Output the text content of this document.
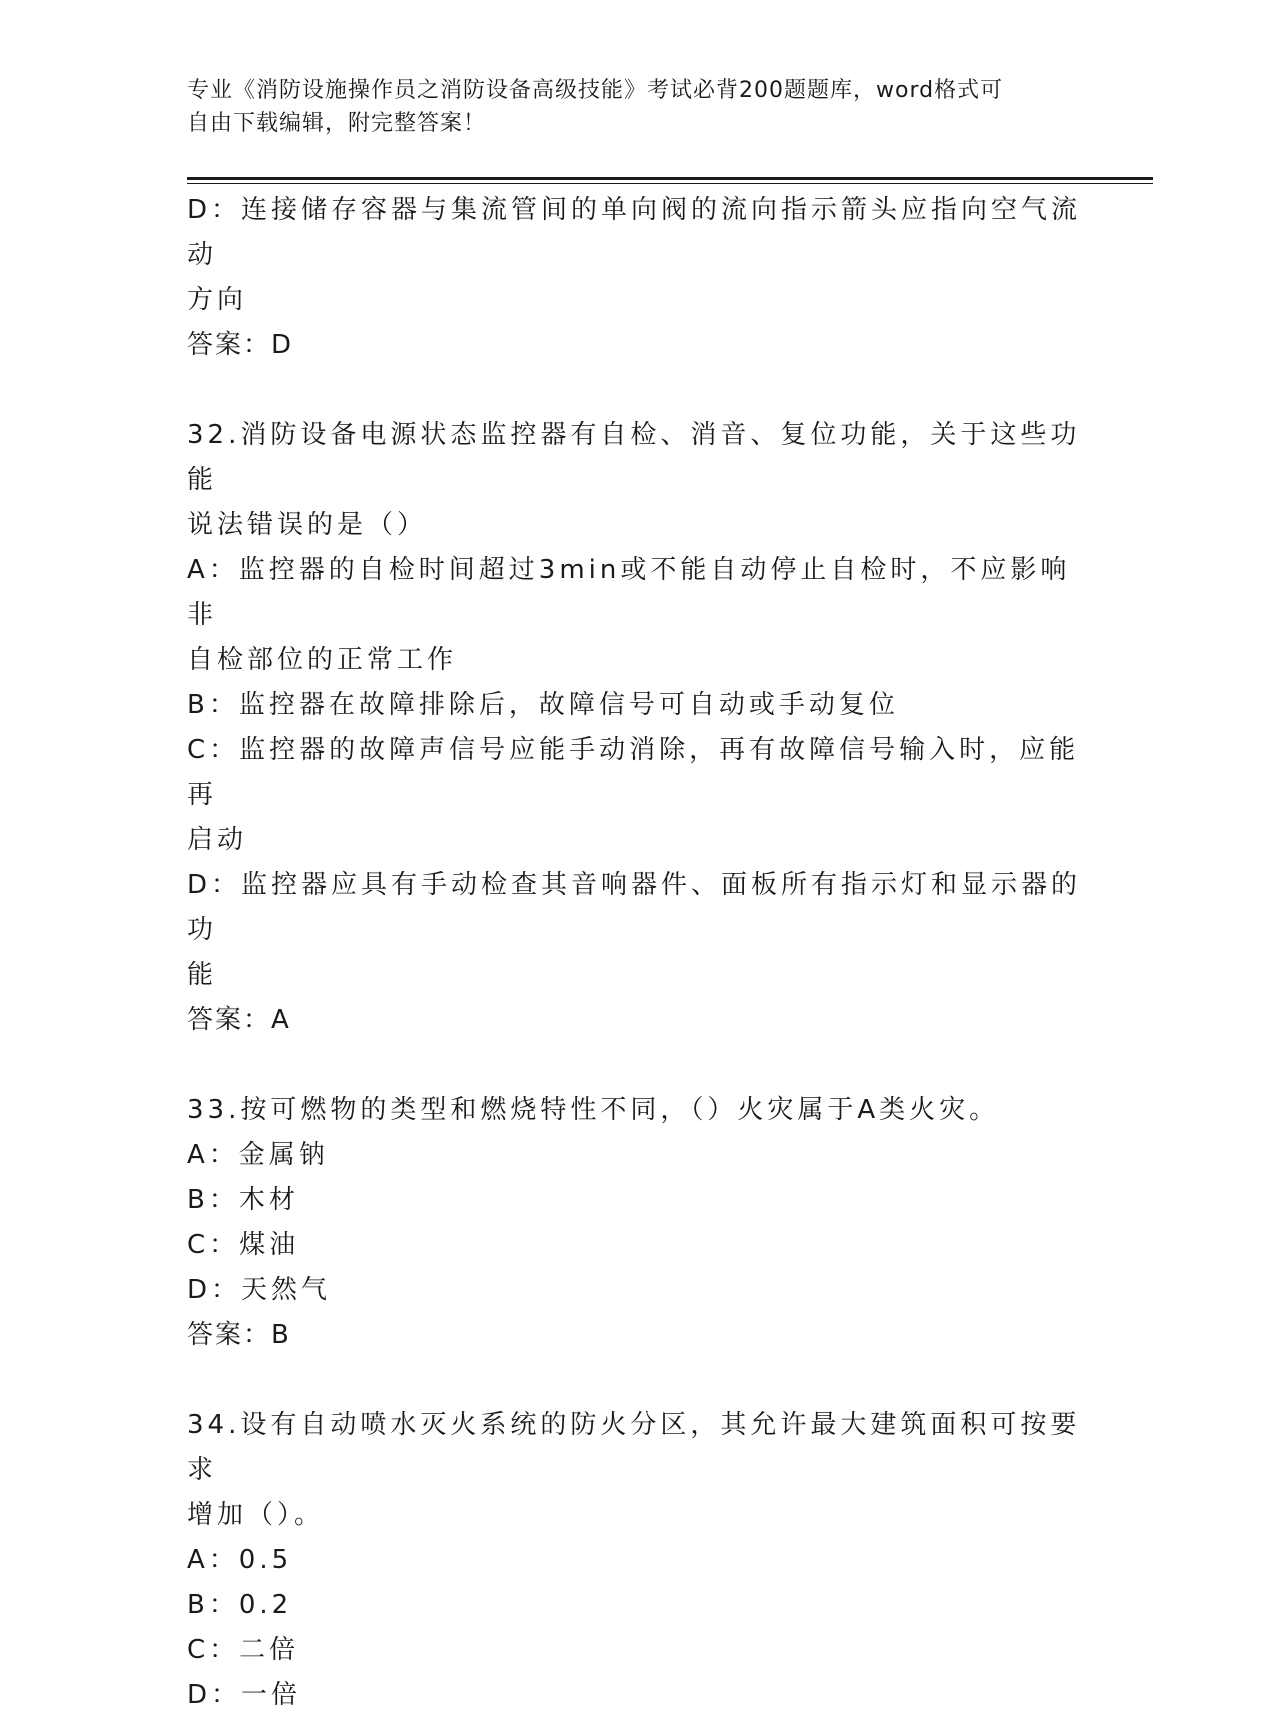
专业《消防设施操作员之消防设备高级技能》考试必背200题题库，word格式可
自由下载编辑，附完整答案！

D：连接储存容器与集流管间的单向阀的流向指示箭头应指向空气流动

方向

答案：D

32.消防设备电源状态监控器有自检、消音、复位功能，关于这些功能

说法错误的是（）

A：监控器的自检时间超过3min或不能自动停止自检时，不应影响非

自检部位的正常工作

B：监控器在故障排除后，故障信号可自动或手动复位

C：监控器的故障声信号应能手动消除，再有故障信号输入时，应能再

启动

D：监控器应具有手动检查其音响器件、面板所有指示灯和显示器的功

能

答案：A

33.按可燃物的类型和燃烧特性不同，（）火灾属于A类火灾。

A：金属钠

B：木材

C：煤油

D：天然气

答案：B

34.设有自动喷水灭火系统的防火分区，其允许最大建筑面积可按要求

增加（）。

A：0.5

B：0.2

C：二倍

D：一倍
